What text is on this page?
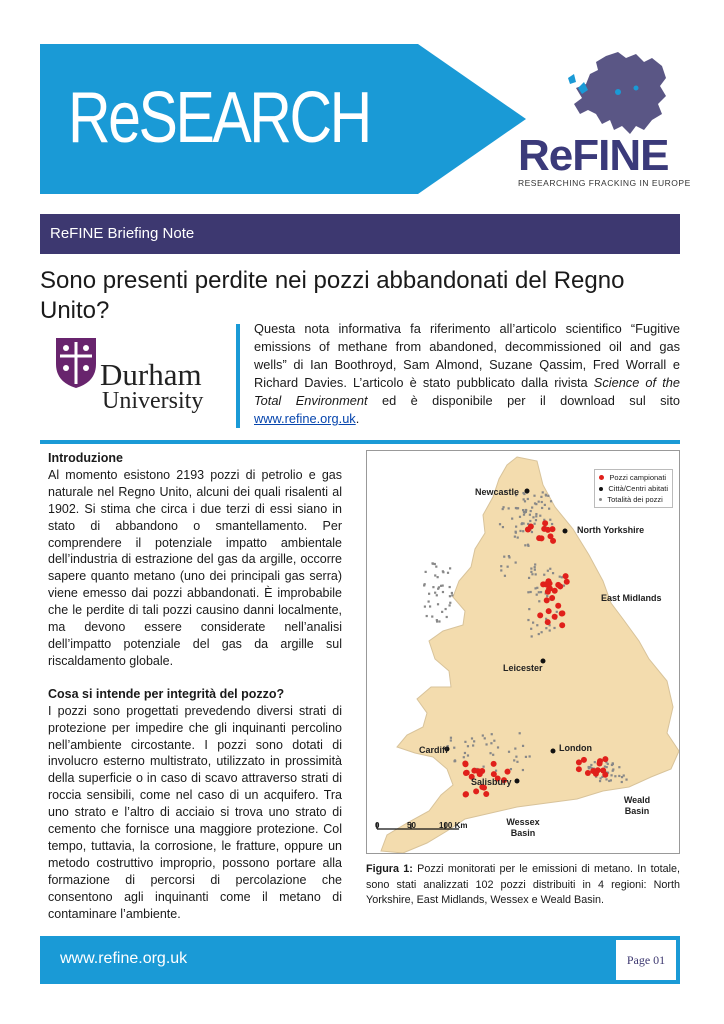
ReSEARCH	ReFINE
RESEARCHING FRACKING IN EUROPE
ReFINE Briefing Note
Sono presenti perdite nei pozzi abbandonati del Regno Unito?
Durham
University
Questa nota informativa fa riferimento all’articolo scientifico “Fugitive emissions of methane from abandoned, decommissioned oil and gas wells” di Ian Boothroyd, Sam Almond, Suzane Qassim, Fred Worrall e Richard Davies. L’articolo è stato pubblicato dalla rivista Science of the Total Environment ed è disponibile per il download sul sito www.refine.org.uk.
Introduzione

Al momento esistono 2193 pozzi di petrolio e gas naturale nel Regno Unito, alcuni dei quali risalenti al 1902. Si stima che circa i due terzi di essi siano in stato di abbandono o smantellamento. Per comprendere il potenziale impatto ambientale dell’industria di estrazione del gas da argille, occorre sapere quanto metano (uno dei principali gas serra) viene emesso dai pozzi abbandonati. È improbabile che le perdite di tali pozzi causino danni localmente, ma devono essere considerate nell’analisi dell’impatto potenziale del gas da argille sul riscaldamento globale.

Cosa si intende per integrità del pozzo?

I pozzi sono progettati prevedendo diversi strati di protezione per impedire che gli inquinanti percolino nell’ambiente circostante. I pozzi sono dotati di involucro esterno multistrato, utilizzato in prossimità della superficie o in caso di scavo attraverso strati di roccia sensibili, come nel caso di un acquifero. Tra uno strato e l’altro di acciaio si trova uno strato di cemento che fornisce una maggiore protezione. Col tempo, tuttavia, la corrosione, le fratture, oppure un metodo costruttivo improprio, possono portare alla formazione di percorsi di percolazione che consentono agli inquinanti come il metano di contaminare l’ambiente.

Pozzi campionati
Città/Centri abitati
Totalità dei pozzi
Newcastle
North Yorkshire
East Midlands
Leicester
London
Cardiff
Salisbury
Weald Basin
Wessex Basin
0	50	100 Km
Figura 1: Pozzi monitorati per le emissioni di metano. In totale, sono stati analizzati 102 pozzi distribuiti in 4 regioni: North Yorkshire, East Midlands, Wessex e Weald Basin.
www.refine.org.uk	Page 01
